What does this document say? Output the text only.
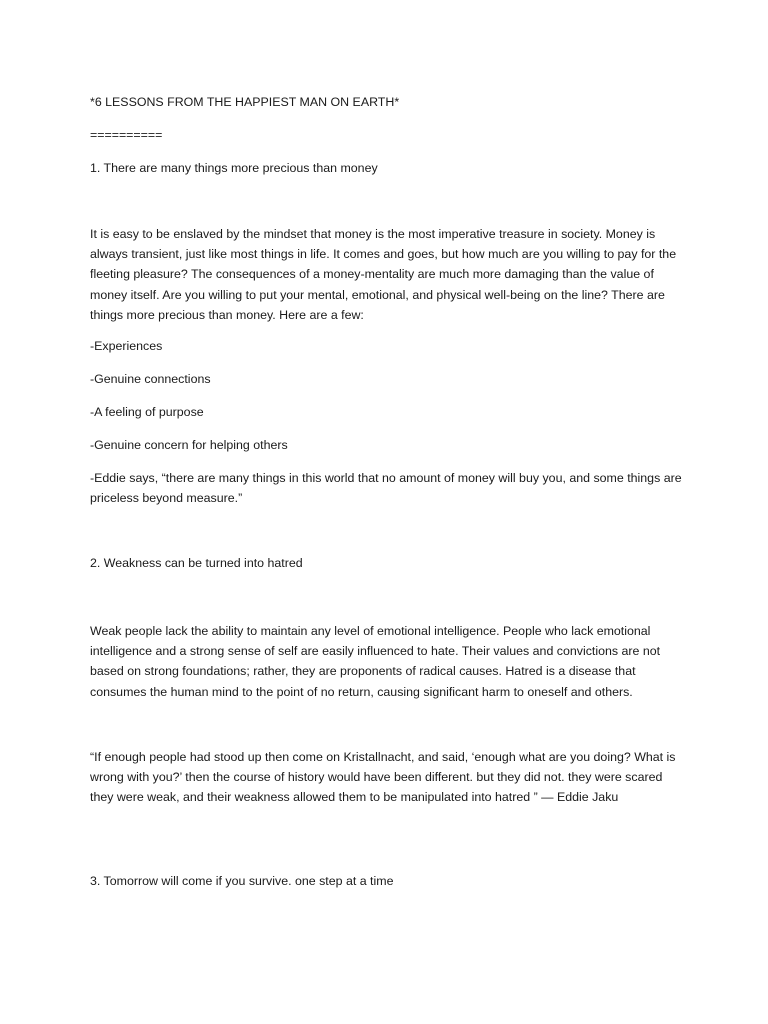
*6 LESSONS FROM THE HAPPIEST MAN ON EARTH*

==========

1. There are many things more precious than money

It is easy to be enslaved by the mindset that money is the most imperative treasure in society. Money is always transient, just like most things in life. It comes and goes, but how much are you willing to pay for the fleeting pleasure? The consequences of a money-mentality are much more damaging than the value of money itself. Are you willing to put your mental, emotional, and physical well-being on the line? There are things more precious than money. Here are a few:

-Experiences

-Genuine connections

-A feeling of purpose

-Genuine concern for helping others

-Eddie says, “there are many things in this world that no amount of money will buy you, and some things are priceless beyond measure.”

2. Weakness can be turned into hatred

Weak people lack the ability to maintain any level of emotional intelligence. People who lack emotional intelligence and a strong sense of self are easily influenced to hate. Their values and convictions are not based on strong foundations; rather, they are proponents of radical causes. Hatred is a disease that consumes the human mind to the point of no return, causing significant harm to oneself and others.

“If enough people had stood up then come on Kristallnacht, and said, ‘enough what are you doing? What is wrong with you?’ then the course of history would have been different. but they did not. they were scared they were weak, and their weakness allowed them to be manipulated into hatred ” — Eddie Jaku

3. Tomorrow will come if you survive. one step at a time
